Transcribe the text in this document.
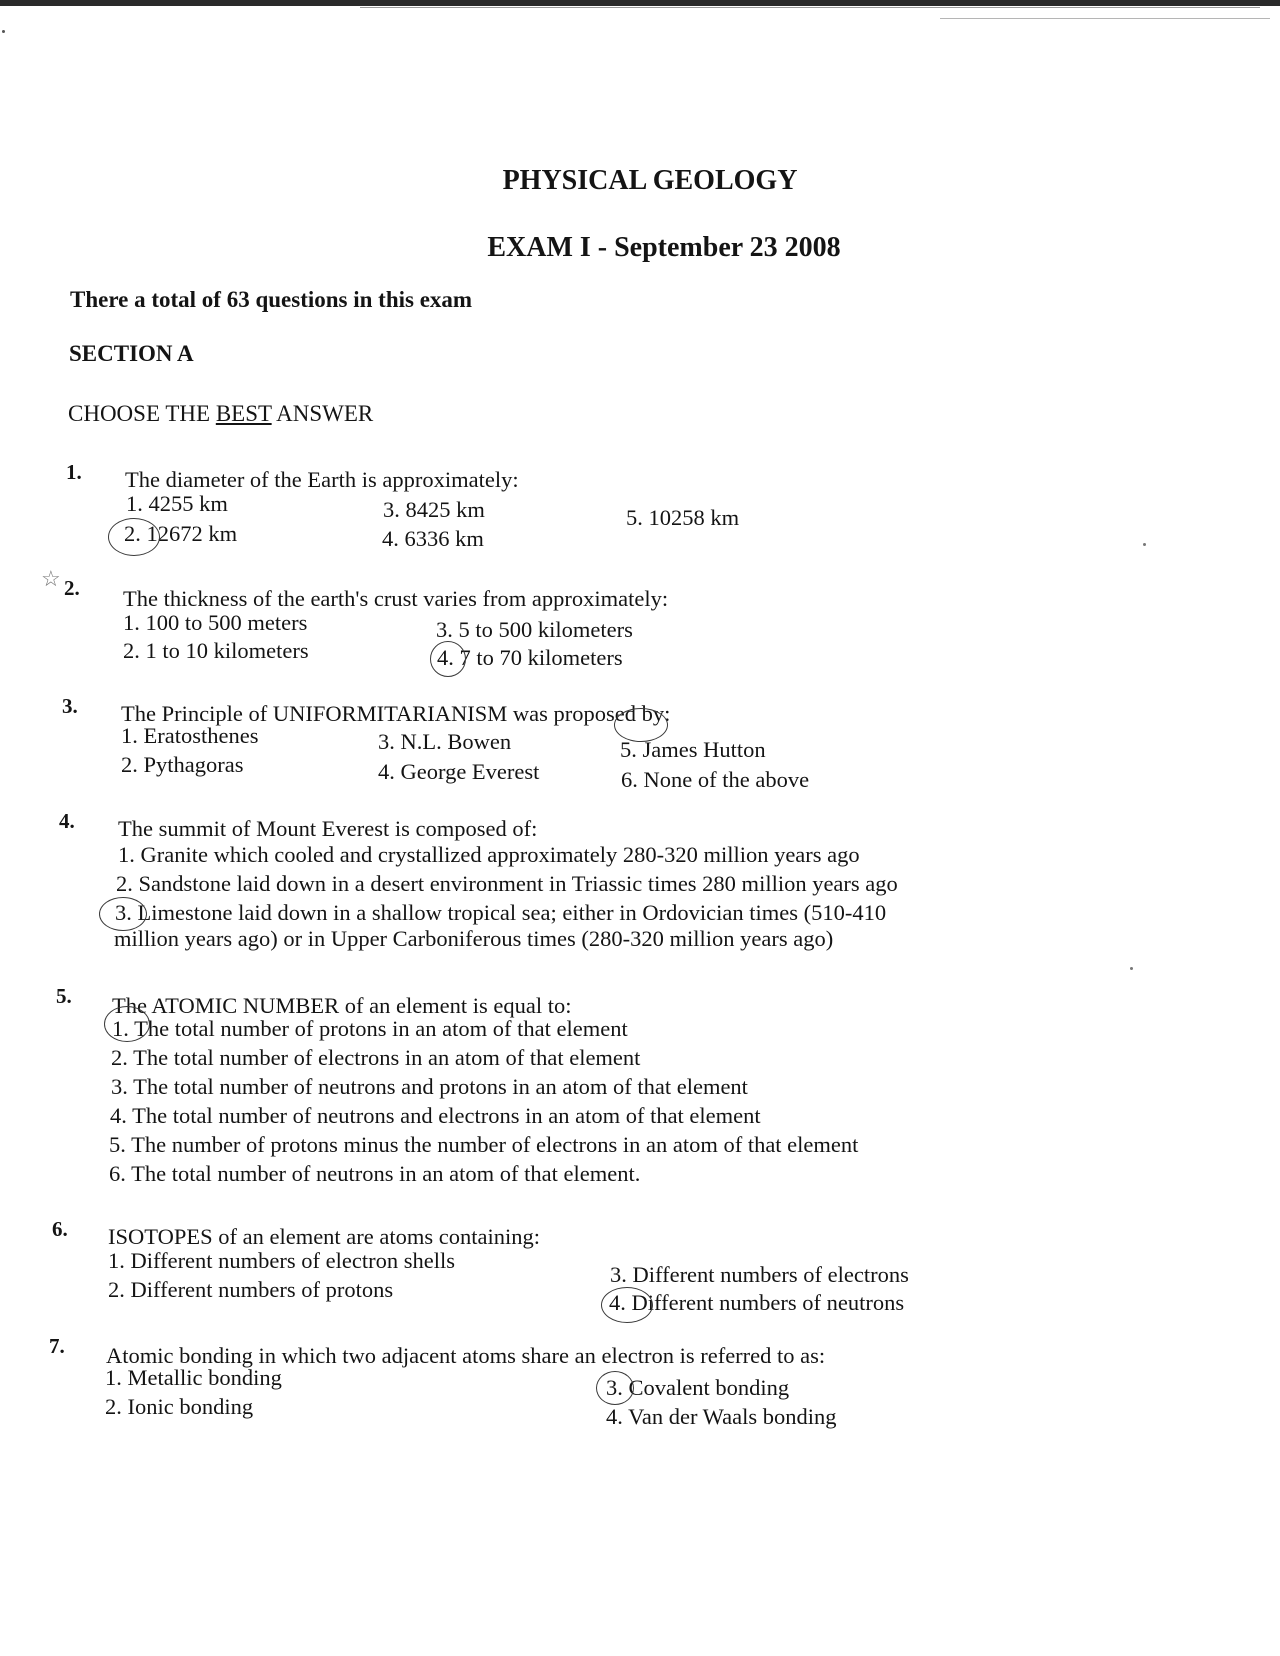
PHYSICAL GEOLOGY
EXAM I - September 23 2008
There a total of 63 questions in this exam
SECTION A
CHOOSE THE BEST ANSWER
1. The diameter of the Earth is approximately:
1. 4255 km
2. 12672 km
3. 8425 km
4. 6336 km
5. 10258 km
☆ 2. The thickness of the earth's crust varies from approximately:
1. 100 to 500 meters
2. 1 to 10 kilometers
3. 5 to 500 kilometers
4. 7 to 70 kilometers
3. The Principle of UNIFORMITARIANISM was proposed by:
1. Eratosthenes
2. Pythagoras
3. N.L. Bowen
4. George Everest
5. James Hutton
6. None of the above
4. The summit of Mount Everest is composed of:
1. Granite which cooled and crystallized approximately 280-320 million years ago
2. Sandstone laid down in a desert environment in Triassic times 280 million years ago
3. Limestone laid down in a shallow tropical sea; either in Ordovician times (510-410
million years ago) or in Upper Carboniferous times (280-320 million years ago)
5. The ATOMIC NUMBER of an element is equal to:
1. The total number of protons in an atom of that element
2. The total number of electrons in an atom of that element
3. The total number of neutrons and protons in an atom of that element
4. The total number of neutrons and electrons in an atom of that element
5. The number of protons minus the number of electrons in an atom of that element
6. The total number of neutrons in an atom of that element.
6. ISOTOPES of an element are atoms containing:
1. Different numbers of electron shells
2. Different numbers of protons
3. Different numbers of electrons
4. Different numbers of neutrons
7. Atomic bonding in which two adjacent atoms share an electron is referred to as:
1. Metallic bonding
2. Ionic bonding
3. Covalent bonding
4. Van der Waals bonding
